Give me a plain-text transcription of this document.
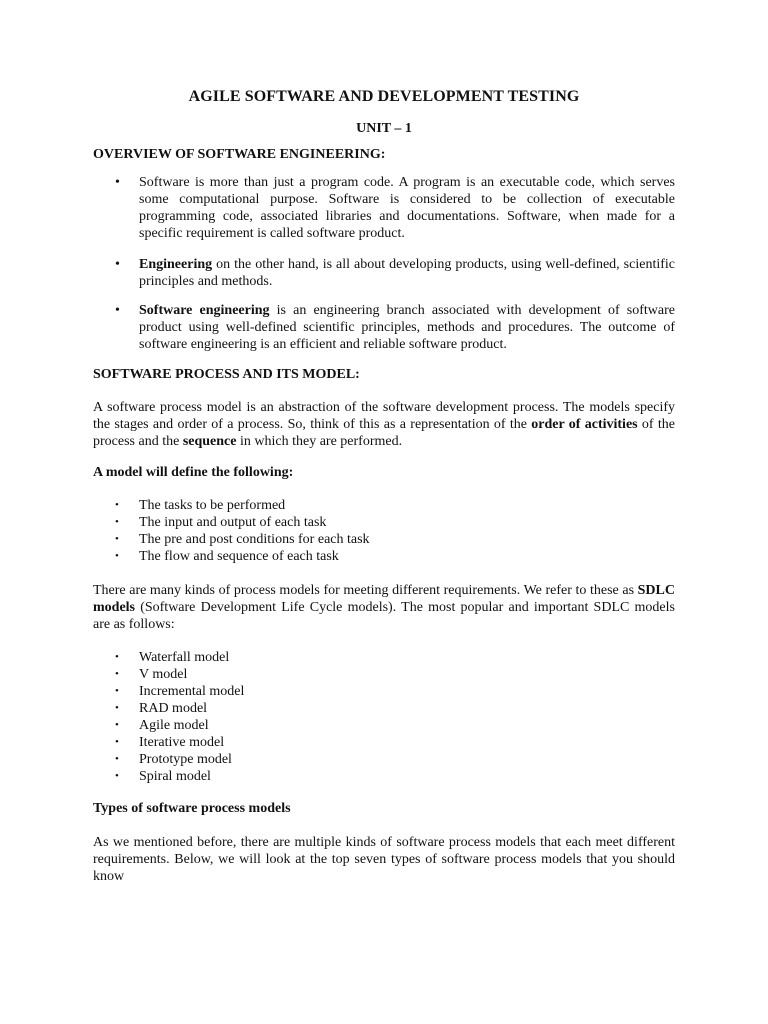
AGILE SOFTWARE AND DEVELOPMENT TESTING
UNIT – 1
OVERVIEW OF SOFTWARE ENGINEERING:
• Software is more than just a program code. A program is an executable code, which serves some computational purpose. Software is considered to be collection of executable programming code, associated libraries and documentations. Software, when made for a specific requirement is called software product.
• Engineering on the other hand, is all about developing products, using well-defined, scientific principles and methods.
• Software engineering is an engineering branch associated with development of software product using well-defined scientific principles, methods and procedures. The outcome of software engineering is an efficient and reliable software product.
SOFTWARE PROCESS AND ITS MODEL:
A software process model is an abstraction of the software development process. The models specify the stages and order of a process. So, think of this as a representation of the order of activities of the process and the sequence in which they are performed.
A model will define the following:
• The tasks to be performed
• The input and output of each task
• The pre and post conditions for each task
• The flow and sequence of each task
There are many kinds of process models for meeting different requirements. We refer to these as SDLC models (Software Development Life Cycle models). The most popular and important SDLC models are as follows:
• Waterfall model
• V model
• Incremental model
• RAD model
• Agile model
• Iterative model
• Prototype model
• Spiral model
Types of software process models
As we mentioned before, there are multiple kinds of software process models that each meet different requirements. Below, we will look at the top seven types of software process models that you should know
